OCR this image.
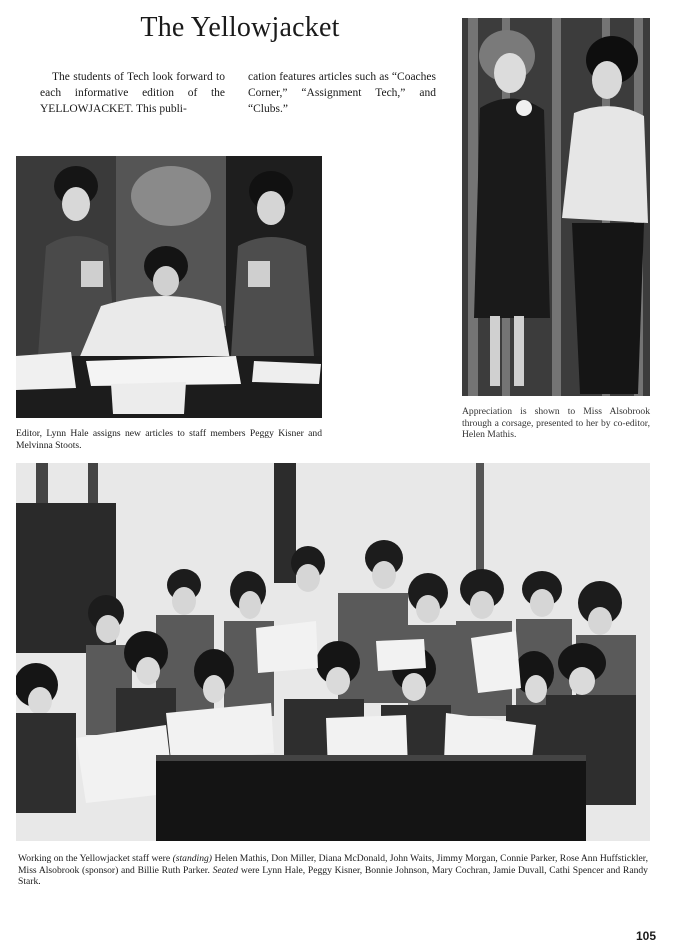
The Yellowjacket
The students of Tech look forward to each informative edition of the YELLOWJACKET. This publi-
cation features articles such as “Coaches Corner,” “Assignment Tech,” and “Clubs.”
Editor, Lynn Hale assigns new articles to staff members Peggy Kisner and Melvinna Stoots.
Appreciation is shown to Miss Alsobrook through a corsage, presented to her by co-editor, Helen Mathis.
Working on the Yellowjacket staff were (standing) Helen Mathis, Don Miller, Diana McDonald, John Waits, Jimmy Morgan, Connie Parker, Rose Ann Huffstickler, Miss Alsobrook (sponsor) and Billie Ruth Parker. Seated were Lynn Hale, Peggy Kisner, Bonnie Johnson, Mary Cochran, Jamie Duvall, Cathi Spencer and Randy Stark.
105
